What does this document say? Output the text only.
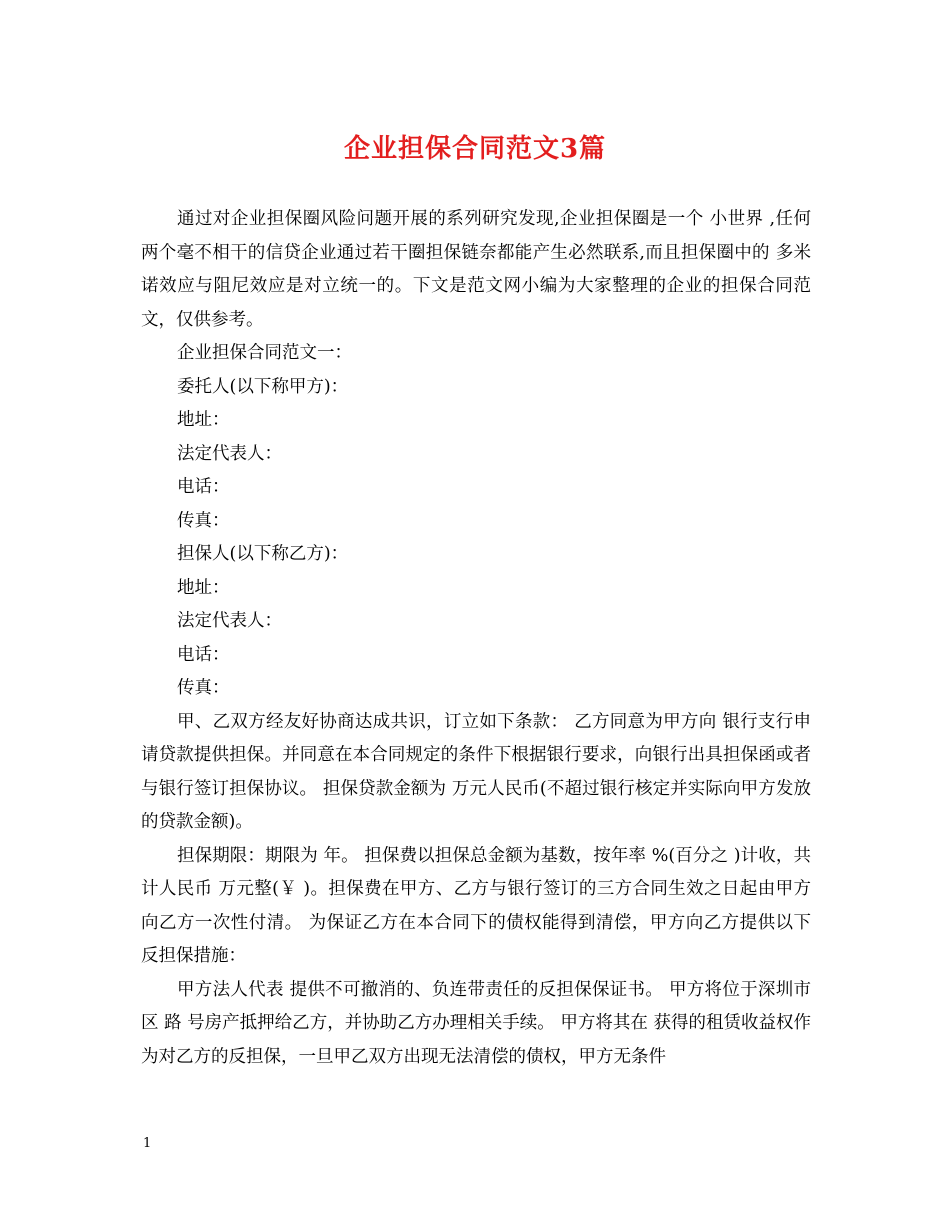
企业担保合同范文3篇

通过对企业担保圈风险问题开展的系列研究发现,企业担保圈是一个 小世界 ,任何两个毫不相干的信贷企业通过若干圈担保链奈都能产生必然联系,而且担保圈中的 多米诺效应与阻尼效应是对立统一的。下文是范文网小编为大家整理的企业的担保合同范文，仅供参考。

企业担保合同范文一：

委托人(以下称甲方)：

地址：

法定代表人：

电话：

传真：

担保人(以下称乙方)：

地址：

法定代表人：

电话：

传真：

甲、乙双方经友好协商达成共识，订立如下条款： 乙方同意为甲方向 银行支行申请贷款提供担保。并同意在本合同规定的条件下根据银行要求，向银行出具担保函或者与银行签订担保协议。 担保贷款金额为 万元人民币(不超过银行核定并实际向甲方发放的贷款金额)。

担保期限：期限为 年。 担保费以担保总金额为基数，按年率 %(百分之 )计收，共计人民币 万元整(￥ )。担保费在甲方、乙方与银行签订的三方合同生效之日起由甲方向乙方一次性付清。 为保证乙方在本合同下的债权能得到清偿，甲方向乙方提供以下反担保措施：

甲方法人代表 提供不可撤消的、负连带责任的反担保保证书。 甲方将位于深圳市 区 路 号房产抵押给乙方，并协助乙方办理相关手续。 甲方将其在 获得的租赁收益权作为对乙方的反担保，一旦甲乙双方出现无法清偿的债权，甲方无条件

1
